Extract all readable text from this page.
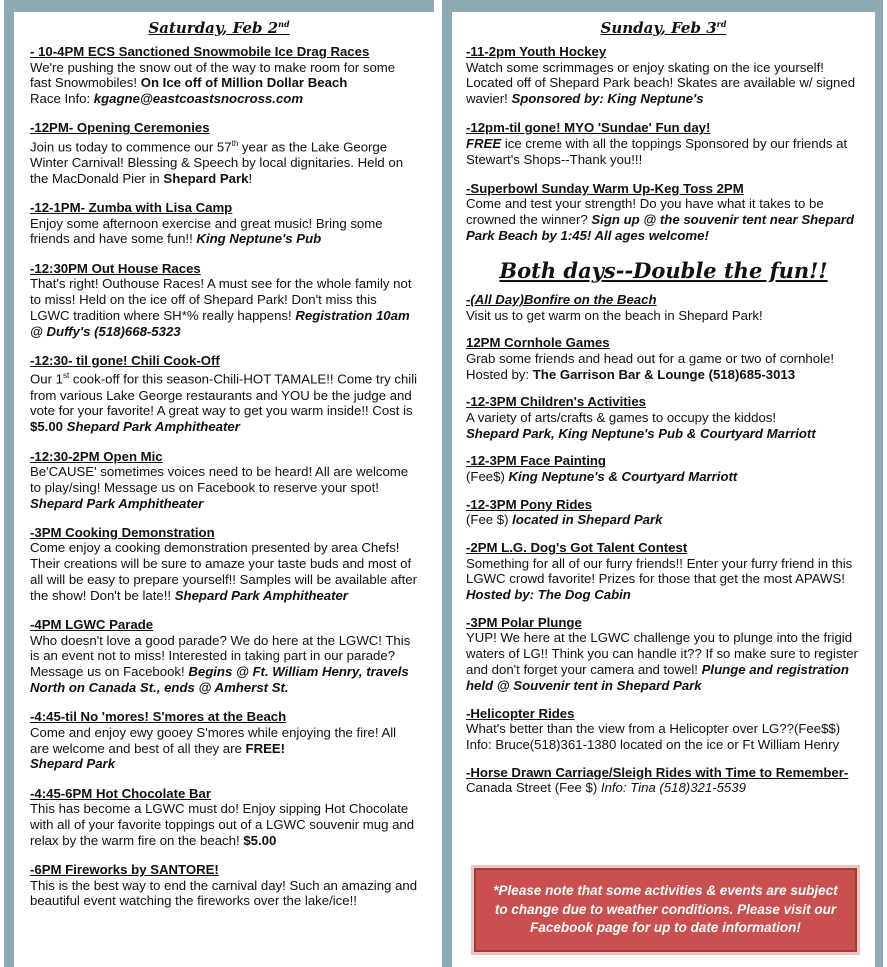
Saturday, Feb 2nd
- 10-4PM ECS Sanctioned Snowmobile Ice Drag Races
We're pushing the snow out of the way to make room for some fast Snowmobiles! On Ice off of Million Dollar Beach
Race Info: kgagne@eastcoastsnocross.com
-12PM- Opening Ceremonies
Join us today to commence our 57th year as the Lake George Winter Carnival! Blessing & Speech by local dignitaries. Held on the MacDonald Pier in Shepard Park!
-12-1PM- Zumba with Lisa Camp
Enjoy some afternoon exercise and great music! Bring some friends and have some fun!! King Neptune's Pub
-12:30PM Out House Races
That's right! Outhouse Races! A must see for the whole family not to miss! Held on the ice off of Shepard Park! Don't miss this LGWC tradition where SH*% really happens! Registration 10am @ Duffy's (518)668-5323
-12:30- til gone! Chili Cook-Off
Our 1st cook-off for this season-Chili-HOT TAMALE!! Come try chili from various Lake George restaurants and YOU be the judge and vote for your favorite! A great way to get you warm inside!! Cost is $5.00 Shepard Park Amphitheater
-12:30-2PM Open Mic
Be'CAUSE' sometimes voices need to be heard! All are welcome to play/sing! Message us on Facebook to reserve your spot! Shepard Park Amphitheater
-3PM Cooking Demonstration
Come enjoy a cooking demonstration presented by area Chefs! Their creations will be sure to amaze your taste buds and most of all will be easy to prepare yourself!! Samples will be available after the show! Don't be late!! Shepard Park Amphitheater
-4PM LGWC Parade
Who doesn't love a good parade? We do here at the LGWC! This is an event not to miss! Interested in taking part in our parade? Message us on Facebook! Begins @ Ft. William Henry, travels North on Canada St., ends @ Amherst St.
-4:45-til No 'mores! S'mores at the Beach
Come and enjoy ewy gooey S'mores while enjoying the fire! All are welcome and best of all they are FREE!
Shepard Park
-4:45-6PM Hot Chocolate Bar
This has become a LGWC must do! Enjoy sipping Hot Chocolate with all of your favorite toppings out of a LGWC souvenir mug and relax by the warm fire on the beach! $5.00
-6PM Fireworks by SANTORE!
This is the best way to end the carnival day! Such an amazing and beautiful event watching the fireworks over the lake/ice!!
Sunday, Feb 3rd
-11-2pm Youth Hockey
Watch some scrimmages or enjoy skating on the ice yourself! Located off of Shepard Park beach! Skates are available w/ signed wavier! Sponsored by: King Neptune's
-12pm-til gone! MYO 'Sundae' Fun day!
FREE ice creme with all the toppings Sponsored by our friends at Stewart's Shops--Thank you!!!
-Superbowl Sunday Warm Up-Keg Toss 2PM
Come and test your strength! Do you have what it takes to be crowned the winner? Sign up @ the souvenir tent near Shepard Park Beach by 1:45! All ages welcome!
Both days--Double the fun!!
-(All Day)Bonfire on the Beach
Visit us to get warm on the beach in Shepard Park!
12PM Cornhole Games
Grab some friends and head out for a game or two of cornhole! Hosted by: The Garrison Bar & Lounge (518)685-3013
-12-3PM Children's Activities
A variety of arts/crafts & games to occupy the kiddos!
Shepard Park, King Neptune's Pub & Courtyard Marriott
-12-3PM Face Painting
(Fee$) King Neptune's & Courtyard Marriott
-12-3PM Pony Rides
(Fee $) located in Shepard Park
-2PM L.G. Dog's Got Talent Contest
Something for all of our furry friends!! Enter your furry friend in this LGWC crowd favorite! Prizes for those that get the most APAWS! Hosted by: The Dog Cabin
-3PM Polar Plunge
YUP! We here at the LGWC challenge you to plunge into the frigid waters of LG!! Think you can handle it?? If so make sure to register and don't forget your camera and towel! Plunge and registration held @ Souvenir tent in Shepard Park
-Helicopter Rides
What's better than the view from a Helicopter over LG??(Fee$$) Info: Bruce(518)361-1380 located on the ice or Ft William Henry
-Horse Drawn Carriage/Sleigh Rides with Time to Remember-
Canada Street (Fee $) Info: Tina (518)321-5539
*Please note that some activities & events are subject to change due to weather conditions. Please visit our Facebook page for up to date information!
